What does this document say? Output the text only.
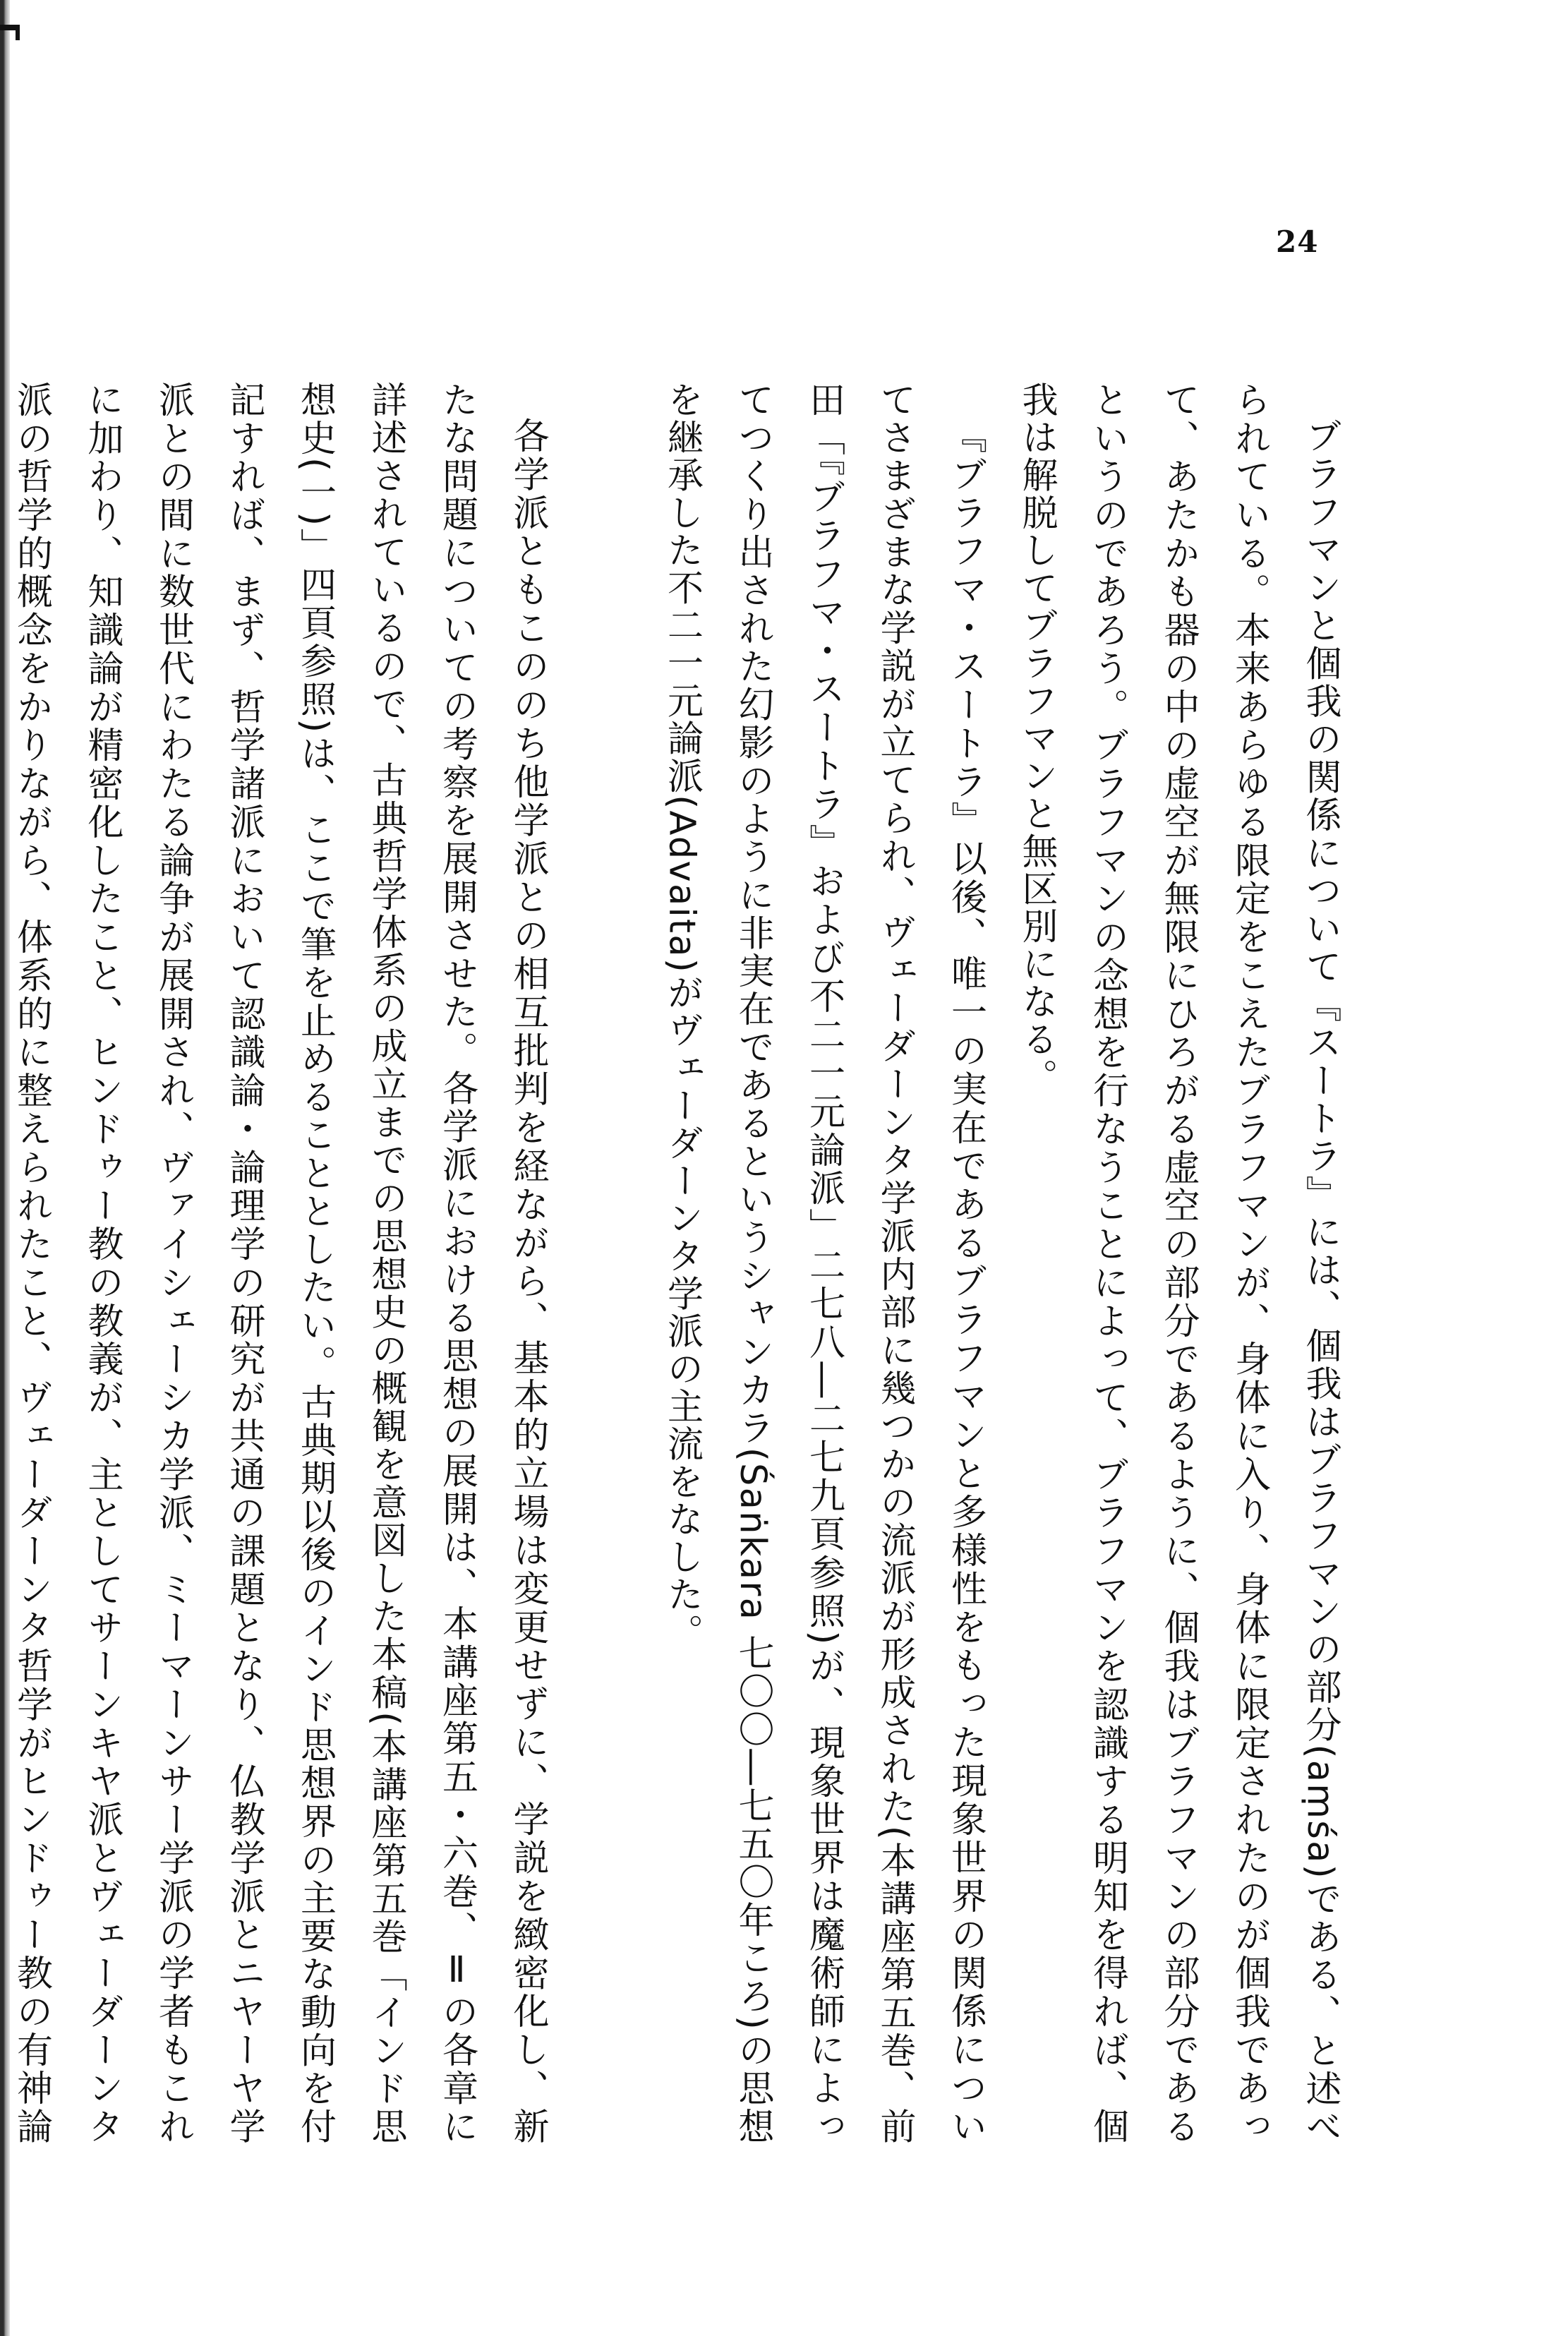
24

ブラフマンと個我の関係について『スートラ』には、個我はブラフマンの部分(aṃśa)である、と述べられている。本来あらゆる限定をこえたブラフマンが、身体に入り、身体に限定されたのが個我であって、あたかも器の中の虚空が無限にひろがる虚空の部分であるように、個我はブラフマンの部分であるというのであろう。ブラフマンの念想を行なうことによって、ブラフマンを認識する明知を得れば、個我は解脱してブラフマンと無区別になる。

『ブラフマ・スートラ』以後、唯一の実在であるブラフマンと多様性をもった現象世界の関係についてさまざまな学説が立てられ、ヴェーダーンタ学派内部に幾つかの流派が形成された(本講座第五巻、前田「『ブラフマ・スートラ』および不二一元論派」二七八―二七九頁参照)が、現象世界は魔術師によってつくり出された幻影のように非実在であるというシャンカラ(Śaṅkara 七〇〇―七五〇年ころ)の思想を継承した不二一元論派(Advaita)がヴェーダーンタ学派の主流をなした。

各学派ともこののち他学派との相互批判を経ながら、基本的立場は変更せずに、学説を緻密化し、新たな問題についての考察を展開させた。各学派における思想の展開は、本講座第五・六巻、Ⅱの各章に詳述されているので、古典哲学体系の成立までの思想史の概観を意図した本稿(本講座第五巻「インド思想史(一)」四頁参照)は、ここで筆を止めることとしたい。古典期以後のインド思想界の主要な動向を付記すれば、まず、哲学諸派において認識論・論理学の研究が共通の課題となり、仏教学派とニヤーヤ学派との間に数世代にわたる論争が展開され、ヴァイシェーシカ学派、ミーマーンサー学派の学者もこれに加わり、知識論が精密化したこと、ヒンドゥー教の教義が、主としてサーンキヤ派とヴェーダーンタ派の哲学的概念をかりながら、体系的に整えられたこと、ヴェーダーンタ哲学がヒンドゥー教の有神論
